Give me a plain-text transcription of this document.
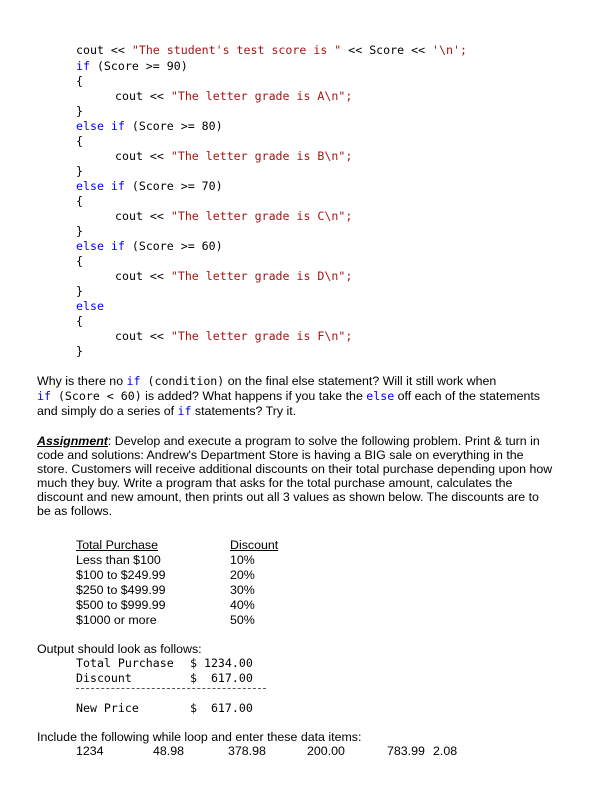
cout << "The student's test score is " << Score << '\n';
if (Score >= 90)
{
cout << "The letter grade is A\n";
}
else if (Score >= 80)
{
cout << "The letter grade is B\n";
}
else if (Score >= 70)
{
cout << "The letter grade is C\n";
}
else if (Score >= 60)
{
cout << "The letter grade is D\n";
}
else
{
cout << "The letter grade is F\n";
}
Why is there no if (condition) on the final else statement? Will it still work when
if (Score < 60) is added? What happens if you take the else off each of the statements
and simply do a series of if statements? Try it.
Assignment: Develop and execute a program to solve the following problem. Print & turn in
code and solutions: Andrew's Department Store is having a BIG sale on everything in the
store. Customers will receive additional discounts on their total purchase depending upon how
much they buy. Write a program that asks for the total purchase amount, calculates the
discount and new amount, then prints out all 3 values as shown below. The discounts are to
be as follows.
Total Purchase	Discount
Less than $100	10%
$100 to $249.99	20%
$250 to $499.99	30%
$500 to $999.99	40%
$1000 or more	50%
Output should look as follows:
Total Purchase $ 1234.00
Discount	$  617.00
New Price	$  617.00
Include the following while loop and enter these data items:
1234	48.98	378.98	200.00	783.99 2.08
